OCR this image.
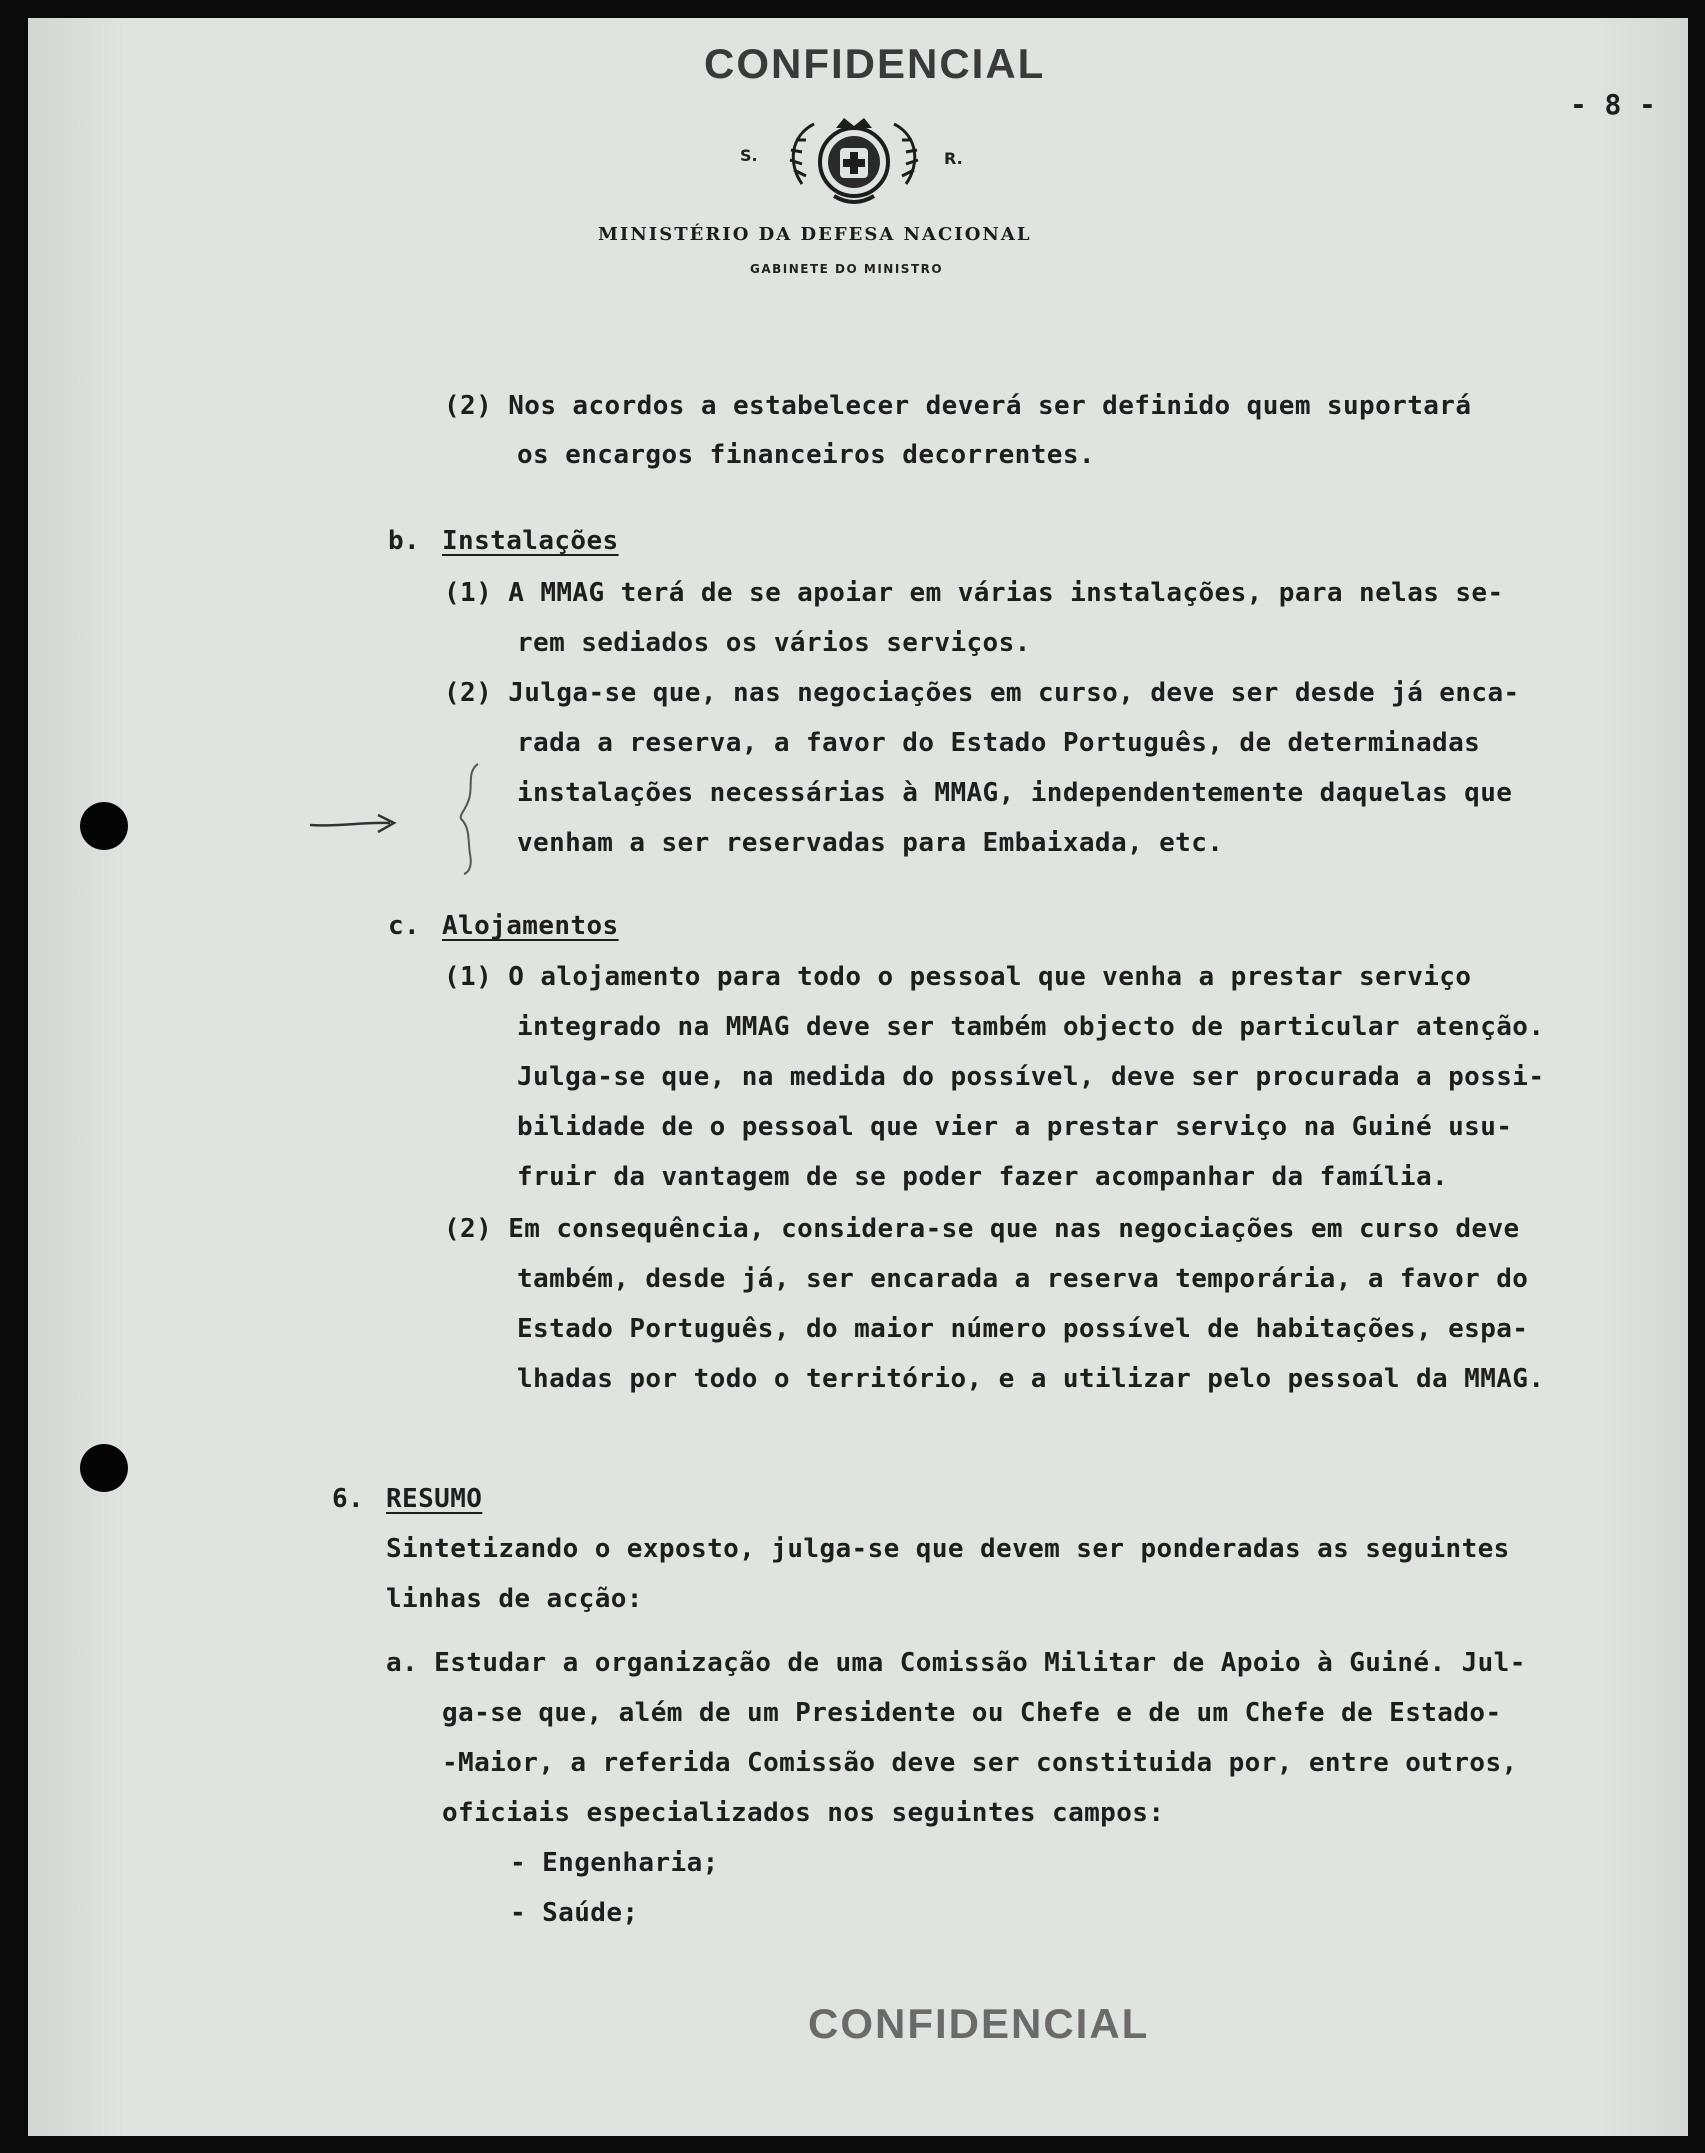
CONFIDENCIAL
- 8 -
S.	R.
MINISTÉRIO DA DEFESA NACIONAL
GABINETE DO MINISTRO

(2) Nos acordos a estabelecer deverá ser definido quem suportará

os encargos financeiros decorrentes.

b. Instalações

(1) A MMAG terá de se apoiar em várias instalações, para nelas se-

rem sediados os vários serviços.

(2) Julga-se que, nas negociações em curso, deve ser desde já enca-

rada a reserva, a favor do Estado Português, de determinadas

instalações necessárias à MMAG, independentemente daquelas que

venham a ser reservadas para Embaixada, etc.

c. Alojamentos

(1) O alojamento para todo o pessoal que venha a prestar serviço

integrado na MMAG deve ser também objecto de particular atenção.

Julga-se que, na medida do possível, deve ser procurada a possi-

bilidade de o pessoal que vier a prestar serviço na Guiné usu-

fruir da vantagem de se poder fazer acompanhar da família.

(2) Em consequência, considera-se que nas negociações em curso deve

também, desde já, ser encarada a reserva temporária, a favor do

Estado Português, do maior número possível de habitações, espa-

lhadas por todo o território, e a utilizar pelo pessoal da MMAG.

6. RESUMO

Sintetizando o exposto, julga-se que devem ser ponderadas as seguintes

linhas de acção:

a. Estudar a organização de uma Comissão Militar de Apoio à Guiné. Jul-

ga-se que, além de um Presidente ou Chefe e de um Chefe de Estado-

-Maior, a referida Comissão deve ser constituida por, entre outros,

oficiais especializados nos seguintes campos:

- Engenharia;

- Saúde;

CONFIDENCIAL
